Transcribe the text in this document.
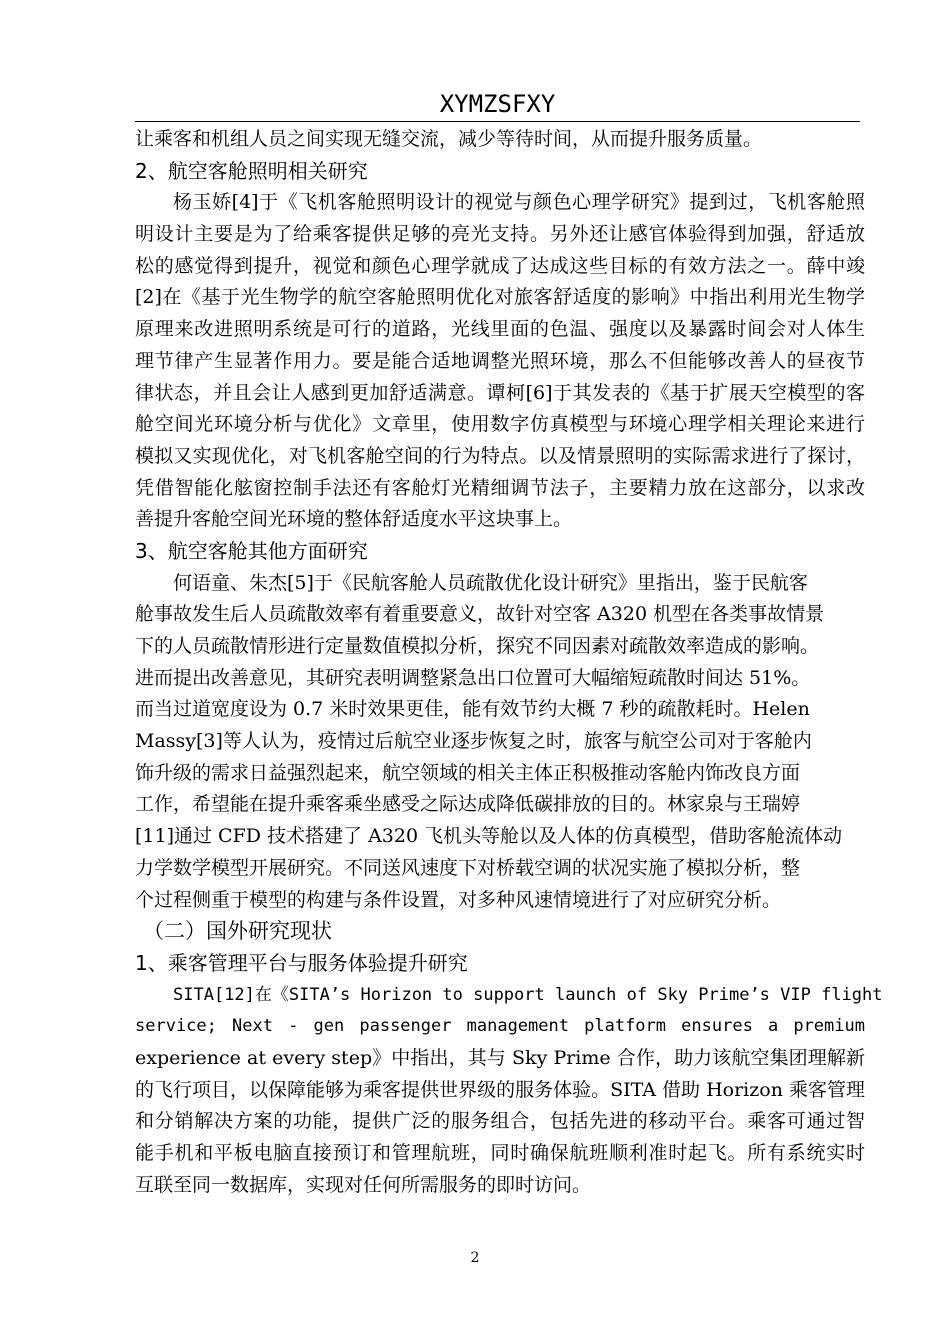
XYMZSFXY
让乘客和机组人员之间实现无缝交流，减少等待时间，从而提升服务质量。
2、航空客舱照明相关研究
杨玉娇[4]于《飞机客舱照明设计的视觉与颜色心理学研究》提到过，飞机客舱照
明设计主要是为了给乘客提供足够的亮光支持。另外还让感官体验得到加强，舒适放
松的感觉得到提升，视觉和颜色心理学就成了达成这些目标的有效方法之一。薛中竣
[2]在《基于光生物学的航空客舱照明优化对旅客舒适度的影响》中指出利用光生物学
原理来改进照明系统是可行的道路，光线里面的色温、强度以及暴露时间会对人体生
理节律产生显著作用力。要是能合适地调整光照环境，那么不但能够改善人的昼夜节
律状态，并且会让人感到更加舒适满意。谭柯[6]于其发表的《基于扩展天空模型的客
舱空间光环境分析与优化》文章里，使用数字仿真模型与环境心理学相关理论来进行
模拟又实现优化，对飞机客舱空间的行为特点。以及情景照明的实际需求进行了探讨，
凭借智能化舷窗控制手法还有客舱灯光精细调节法子，主要精力放在这部分，以求改
善提升客舱空间光环境的整体舒适度水平这块事上。
3、航空客舱其他方面研究
何语童、朱杰[5]于《民航客舱人员疏散优化设计研究》里指出，鉴于民航客
舱事故发生后人员疏散效率有着重要意义，故针对空客 A320 机型在各类事故情景
下的人员疏散情形进行定量数值模拟分析，探究不同因素对疏散效率造成的影响。
进而提出改善意见，其研究表明调整紧急出口位置可大幅缩短疏散时间达 51%。
而当过道宽度设为 0.7 米时效果更佳，能有效节约大概 7 秒的疏散耗时。Helen
Massy[3]等人认为，疫情过后航空业逐步恢复之时，旅客与航空公司对于客舱内
饰升级的需求日益强烈起来，航空领域的相关主体正积极推动客舱内饰改良方面
工作，希望能在提升乘客乘坐感受之际达成降低碳排放的目的。林家泉与王瑞婷
[11]通过 CFD 技术搭建了 A320 飞机头等舱以及人体的仿真模型，借助客舱流体动
力学数学模型开展研究。不同送风速度下对桥载空调的状况实施了模拟分析，整
个过程侧重于模型的构建与条件设置，对多种风速情境进行了对应研究分析。
（二）国外研究现状
1、乘客管理平台与服务体验提升研究
SITA[12]在《SITA’s Horizon to support launch of Sky Prime’s VIP flight
service; Next - gen passenger management platform ensures a premium
experience at every step》中指出，其与 Sky Prime 合作，助力该航空集团理解新
的飞行项目，以保障能够为乘客提供世界级的服务体验。SITA 借助 Horizon 乘客管理
和分销解决方案的功能，提供广泛的服务组合，包括先进的移动平台。乘客可通过智
能手机和平板电脑直接预订和管理航班，同时确保航班顺利准时起飞。所有系统实时
互联至同一数据库，实现对任何所需服务的即时访问。
2
